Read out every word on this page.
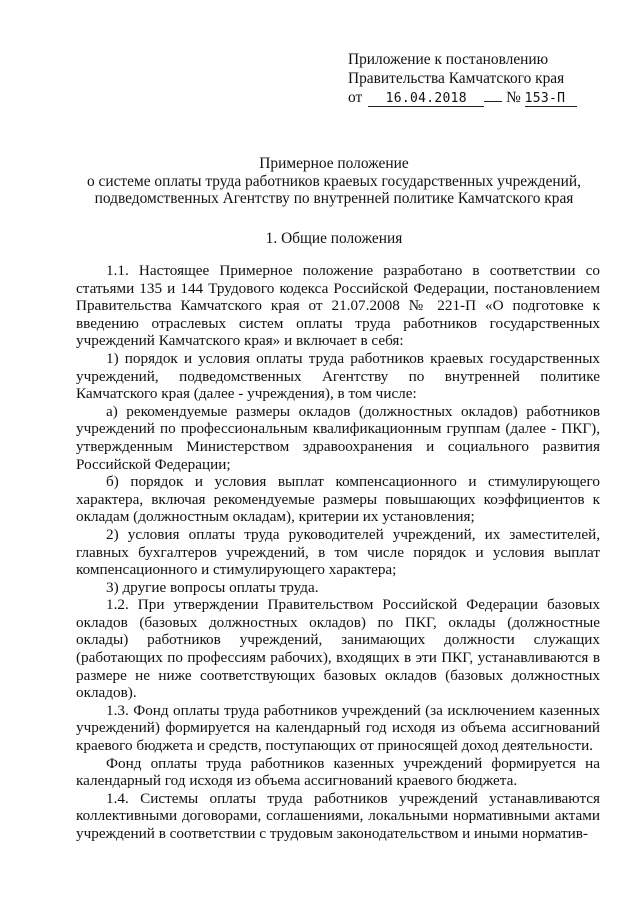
Приложение к постановлению
Правительства Камчатского края
от 16.04.2018	№ 153-П
Примерное положение
о системе оплаты труда работников краевых государственных учреждений,
подведомственных Агентству по внутренней политике Камчатского края
1. Общие положения

1.1. Настоящее Примерное положение разработано в соответствии со статьями 135 и 144 Трудового кодекса Российской Федерации, постановлением Правительства Камчатского края от 21.07.2008 № 221-П «О подготовке к введению отраслевых систем оплаты труда работников государственных учреждений Камчатского края» и включает в себя:

1) порядок и условия оплаты труда работников краевых государственных учреждений, подведомственных Агентству по внутренней политике Камчатского края (далее - учреждения), в том числе:

а) рекомендуемые размеры окладов (должностных окладов) работников учреждений по профессиональным квалификационным группам (далее - ПКГ), утвержденным Министерством здравоохранения и социального развития Российской Федерации;

б) порядок и условия выплат компенсационного и стимулирующего характера, включая рекомендуемые размеры повышающих коэффициентов к окладам (должностным окладам), критерии их установления;

2) условия оплаты труда руководителей учреждений, их заместителей, главных бухгалтеров учреждений, в том числе порядок и условия выплат компенсационного и стимулирующего характера;

3) другие вопросы оплаты труда.

1.2. При утверждении Правительством Российской Федерации базовых окладов (базовых должностных окладов) по ПКГ, оклады (должностные оклады) работников учреждений, занимающих должности служащих (работающих по профессиям рабочих), входящих в эти ПКГ, устанавливаются в размере не ниже соответствующих базовых окладов (базовых должностных окладов).

1.3. Фонд оплаты труда работников учреждений (за исключением казенных учреждений) формируется на календарный год исходя из объема ассигнований краевого бюджета и средств, поступающих от приносящей доход деятельности.

Фонд оплаты труда работников казенных учреждений формируется на календарный год исходя из объема ассигнований краевого бюджета.

1.4. Системы оплаты труда работников учреждений устанавливаются коллективными договорами, соглашениями, локальными нормативными актами учреждений в соответствии с трудовым законодательством и иными норматив-
